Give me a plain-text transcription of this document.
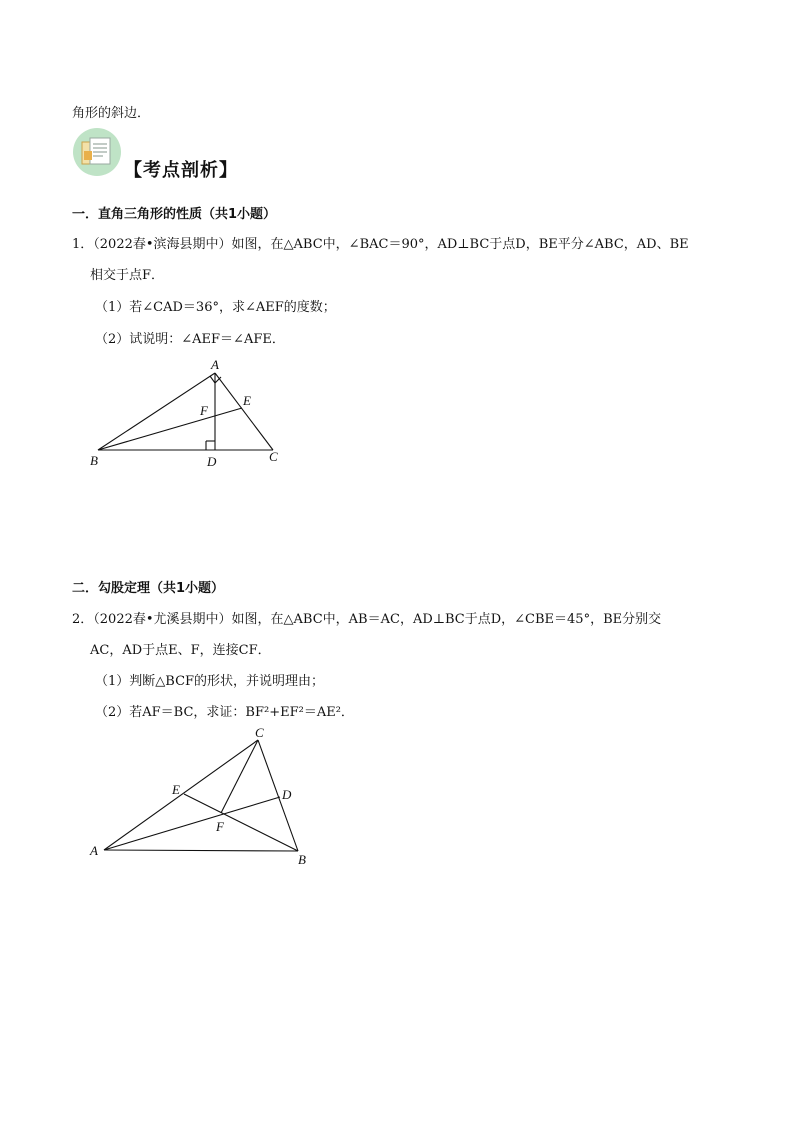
角形的斜边．
【考点剖析】
一．直角三角形的性质（共1小题）
1．（2022春•滨海县期中）如图，在△ABC中，∠BAC＝90°，AD⊥BC于点D，BE平分∠ABC，AD、BE
相交于点F．
（1）若∠CAD＝36°，求∠AEF的度数；
（2）试说明：∠AEF＝∠AFE．
A
B	C
D
E
F
二．勾股定理（共1小题）
2．（2022春•尤溪县期中）如图，在△ABC中，AB＝AC，AD⊥BC于点D，∠CBE＝45°，BE分别交
AC，AD于点E、F，连接CF．
（1）判断△BCF的形状，并说明理由；
（2）若AF＝BC，求证：BF²+EF²＝AE²．
C
A
B
D
E
F
